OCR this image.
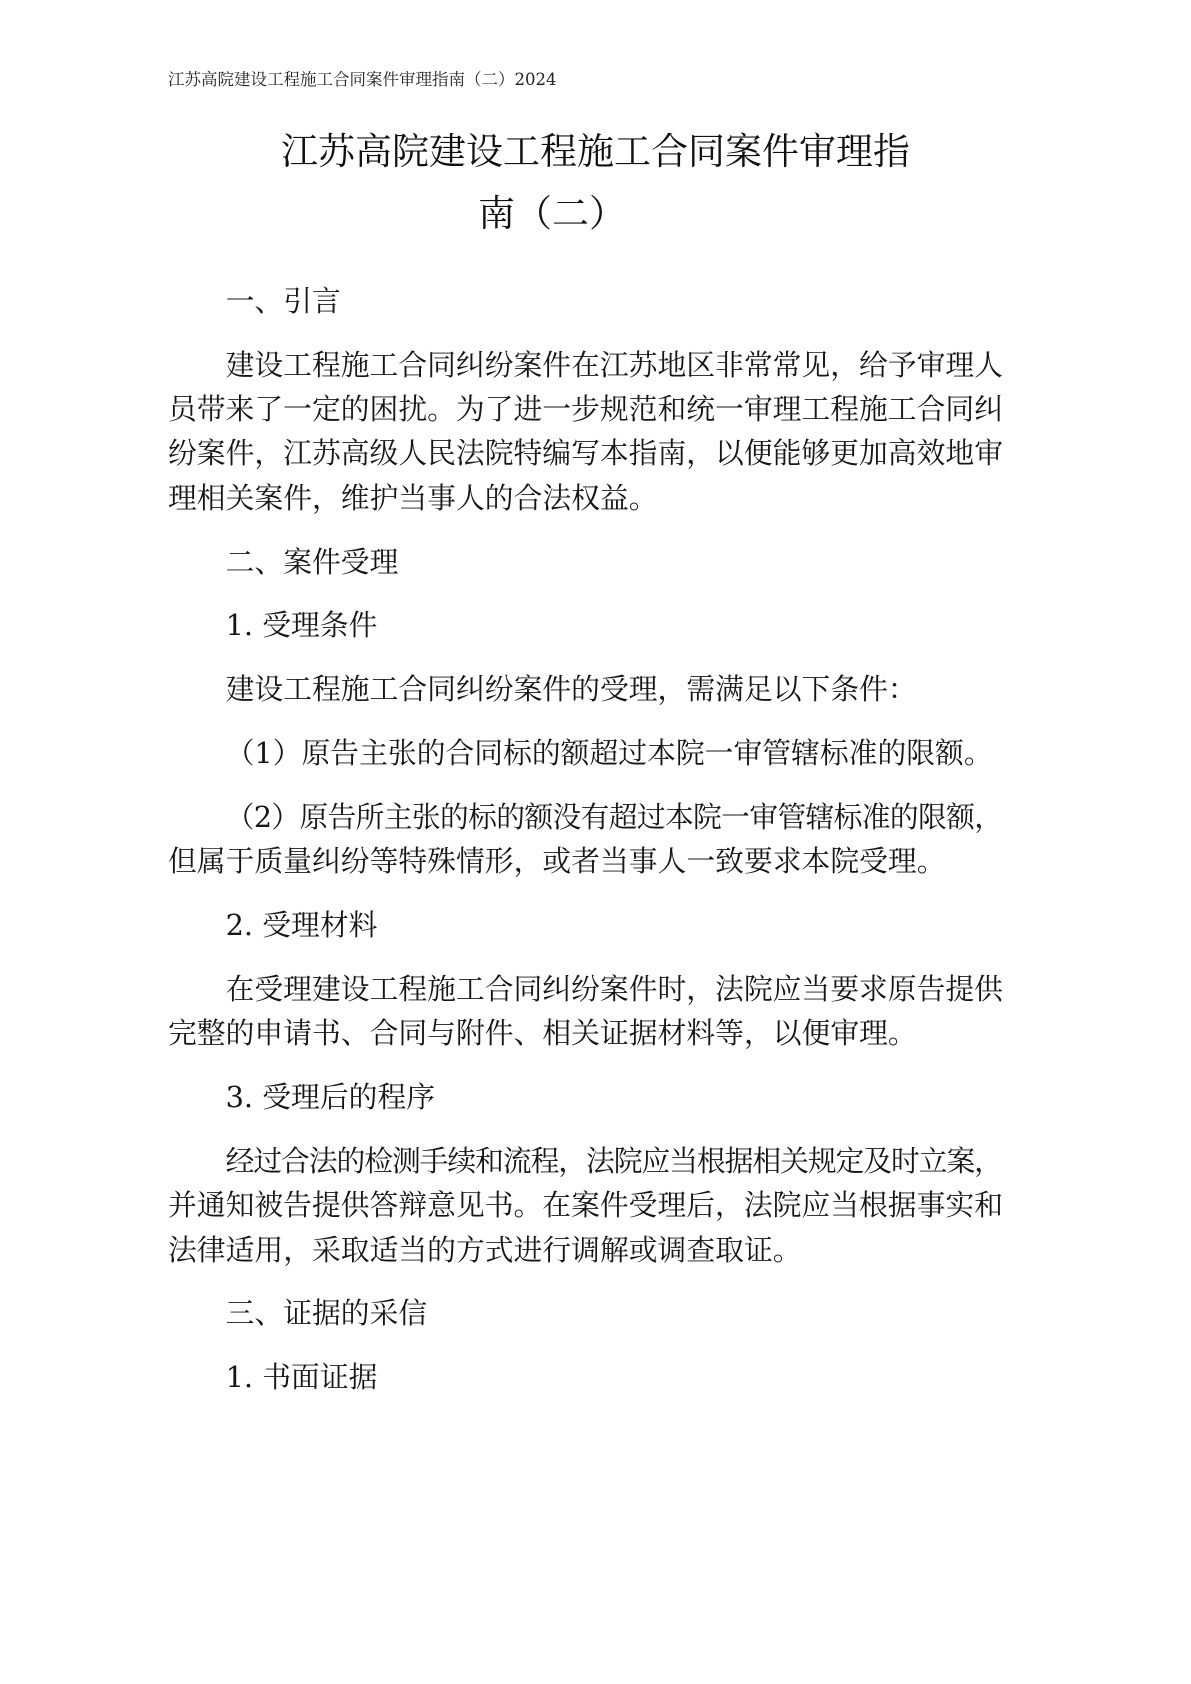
江苏高院建设工程施工合同案件审理指南（二）2024
江苏高院建设工程施工合同案件审理指
南（二）
一、引言
建设工程施工合同纠纷案件在江苏地区非常常见，给予审理人
员带来了一定的困扰。为了进一步规范和统一审理工程施工合同纠
纷案件，江苏高级人民法院特编写本指南，以便能够更加高效地审
理相关案件，维护当事人的合法权益。
二、案件受理
1. 受理条件
建设工程施工合同纠纷案件的受理，需满足以下条件：
（1）原告主张的合同标的额超过本院一审管辖标准的限额。
（2）原告所主张的标的额没有超过本院一审管辖标准的限额，
但属于质量纠纷等特殊情形，或者当事人一致要求本院受理。
2. 受理材料
在受理建设工程施工合同纠纷案件时，法院应当要求原告提供
完整的申请书、合同与附件、相关证据材料等，以便审理。
3. 受理后的程序
经过合法的检测手续和流程，法院应当根据相关规定及时立案，
并通知被告提供答辩意见书。在案件受理后，法院应当根据事实和
法律适用，采取适当的方式进行调解或调查取证。
三、证据的采信
1. 书面证据
